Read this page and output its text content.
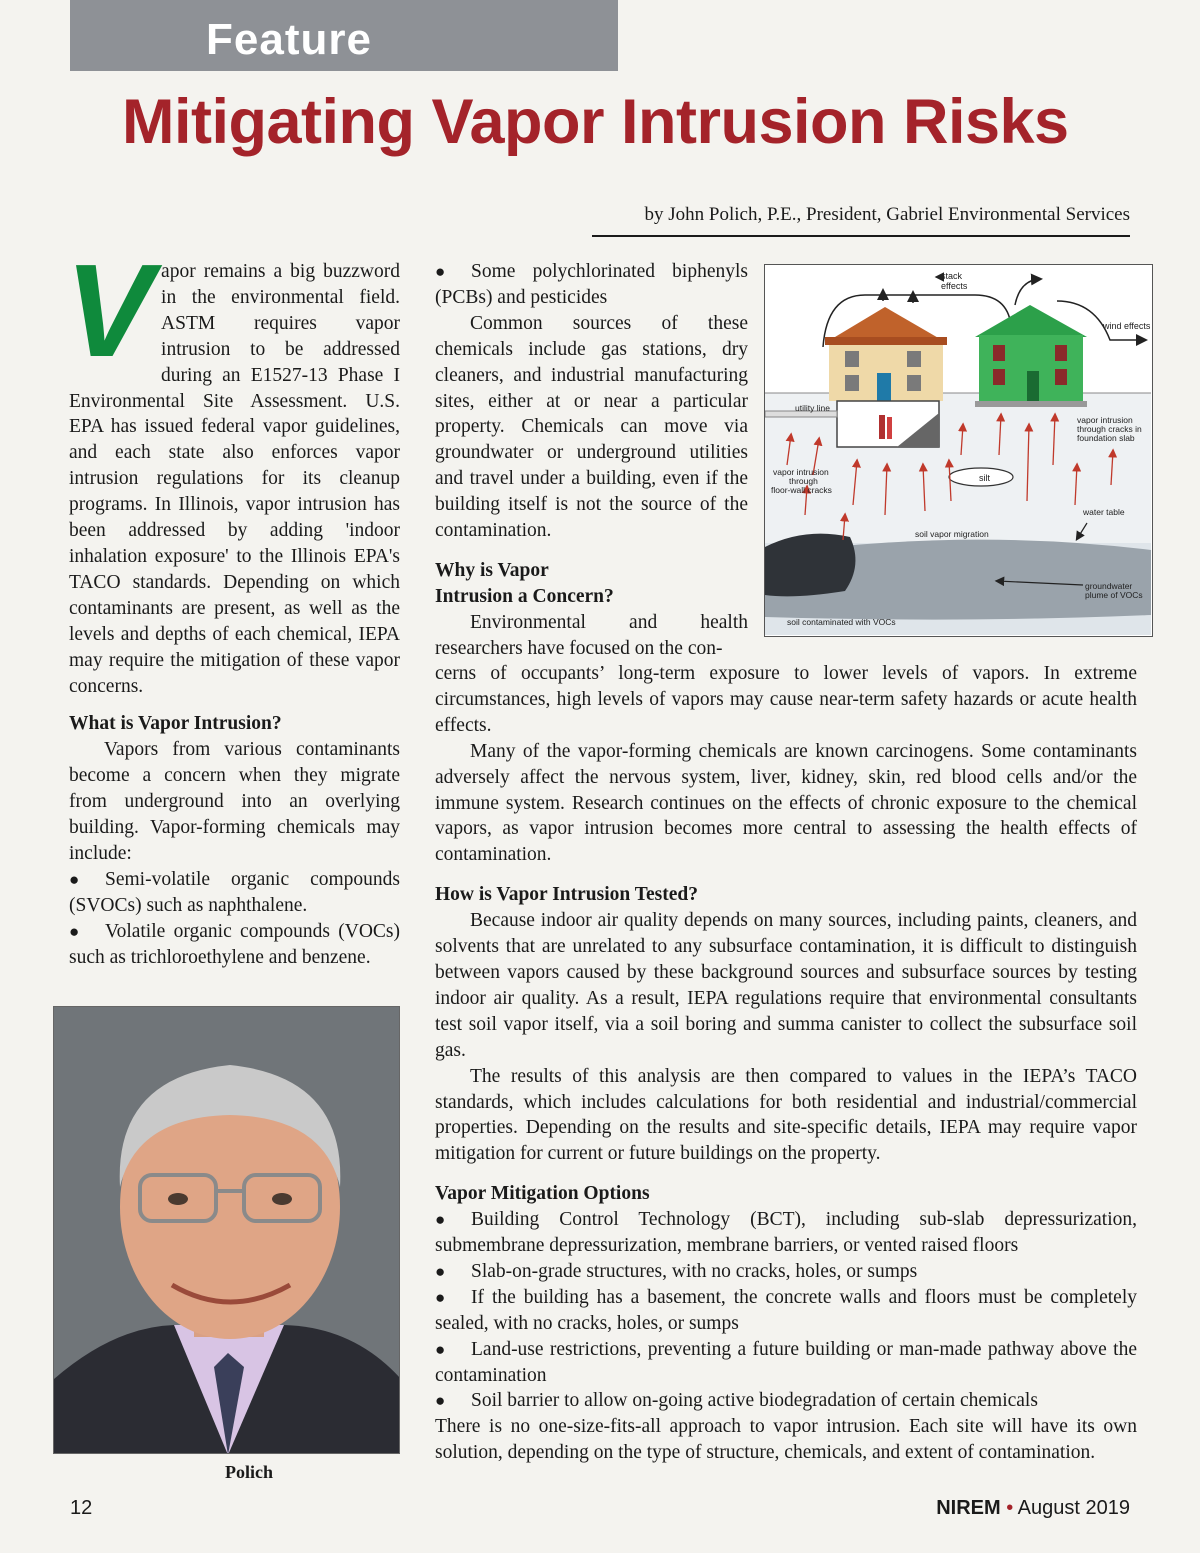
Feature
Mitigating Vapor Intrusion Risks
by John Polich, P.E., President, Gabriel Environmental Services
V apor remains a big buzzword in the environmental field. ASTM requires vapor intrusion to be addressed during an E1527-13 Phase I Environmental Site Assessment. U.S. EPA has issued federal vapor guidelines, and each state also enforces vapor intrusion regulations for its cleanup programs. In Illinois, vapor intrusion has been addressed by adding 'indoor inhalation exposure' to the Illinois EPA's TACO standards. Depending on which contaminants are present, as well as the levels and depths of each chemical, IEPA may require the mitigation of these vapor concerns.

What is Vapor Intrusion?

Vapors from various contaminants become a concern when they migrate from underground into an overlying building. Vapor-forming chemicals may include:

● Semi-volatile organic compounds (SVOCs) such as naphthalene.

● Volatile organic compounds (VOCs) such as trichloroethylene and benzene.

● Some polychlorinated biphenyls (PCBs) and pesticides

Common sources of these chemicals include gas stations, dry cleaners, and industrial manufacturing sites, either at or near a particular property. Chemicals can move via groundwater or underground utilities and travel under a building, even if the building itself is not the source of the contamination.

Why is Vapor
Intrusion a Concern?

Environmental and health researchers have focused on the con-

cerns of occupants’ long-term exposure to lower levels of vapors. In extreme circumstances, high levels of vapors may cause near-term safety hazards or acute health effects.

Many of the vapor-forming chemicals are known carcinogens. Some contaminants adversely affect the nervous system, liver, kidney, skin, red blood cells and/or the immune system. Research continues on the effects of chronic exposure to the chemical vapors, as vapor intrusion becomes more central to assessing the health effects of contamination.

How is Vapor Intrusion Tested?

Because indoor air quality depends on many sources, including paints, cleaners, and solvents that are unrelated to any subsurface contamination, it is difficult to distinguish between vapors caused by these background sources and subsurface sources by testing indoor air quality. As a result, IEPA regulations require that environmental consultants test soil vapor itself, via a soil boring and summa canister to collect the subsurface soil gas.

The results of this analysis are then compared to values in the IEPA’s TACO standards, which includes calculations for both residential and industrial/commercial properties. Depending on the results and site-specific details, IEPA may require vapor mitigation for current or future buildings on the property.

Vapor Mitigation Options

● Building Control Technology (BCT), including sub-slab depressurization, submembrane depressurization, membrane barriers, or vented raised floors

● Slab-on-grade structures, with no cracks, holes, or sumps

● If the building has a basement, the concrete walls and floors must be completely sealed, with no cracks, holes, or sumps

● Land-use restrictions, preventing a future building or man-made pathway above the contamination

● Soil barrier to allow on-going active biodegradation of certain chemicals

There is no one-size-fits-all approach to vapor intrusion. Each site will have its own solution, depending on the type of structure, chemicals, and extent of contamination.

stack
effects
wind effects
utility line
vapor intrusion
through cracks in
foundation slab
vapor intrusion
through
floor-wall cracks
silt
water table
soil vapor migration
groundwater
plume of VOCs
soil contaminated with VOCs
Polich
12	NIREM • August 2019
